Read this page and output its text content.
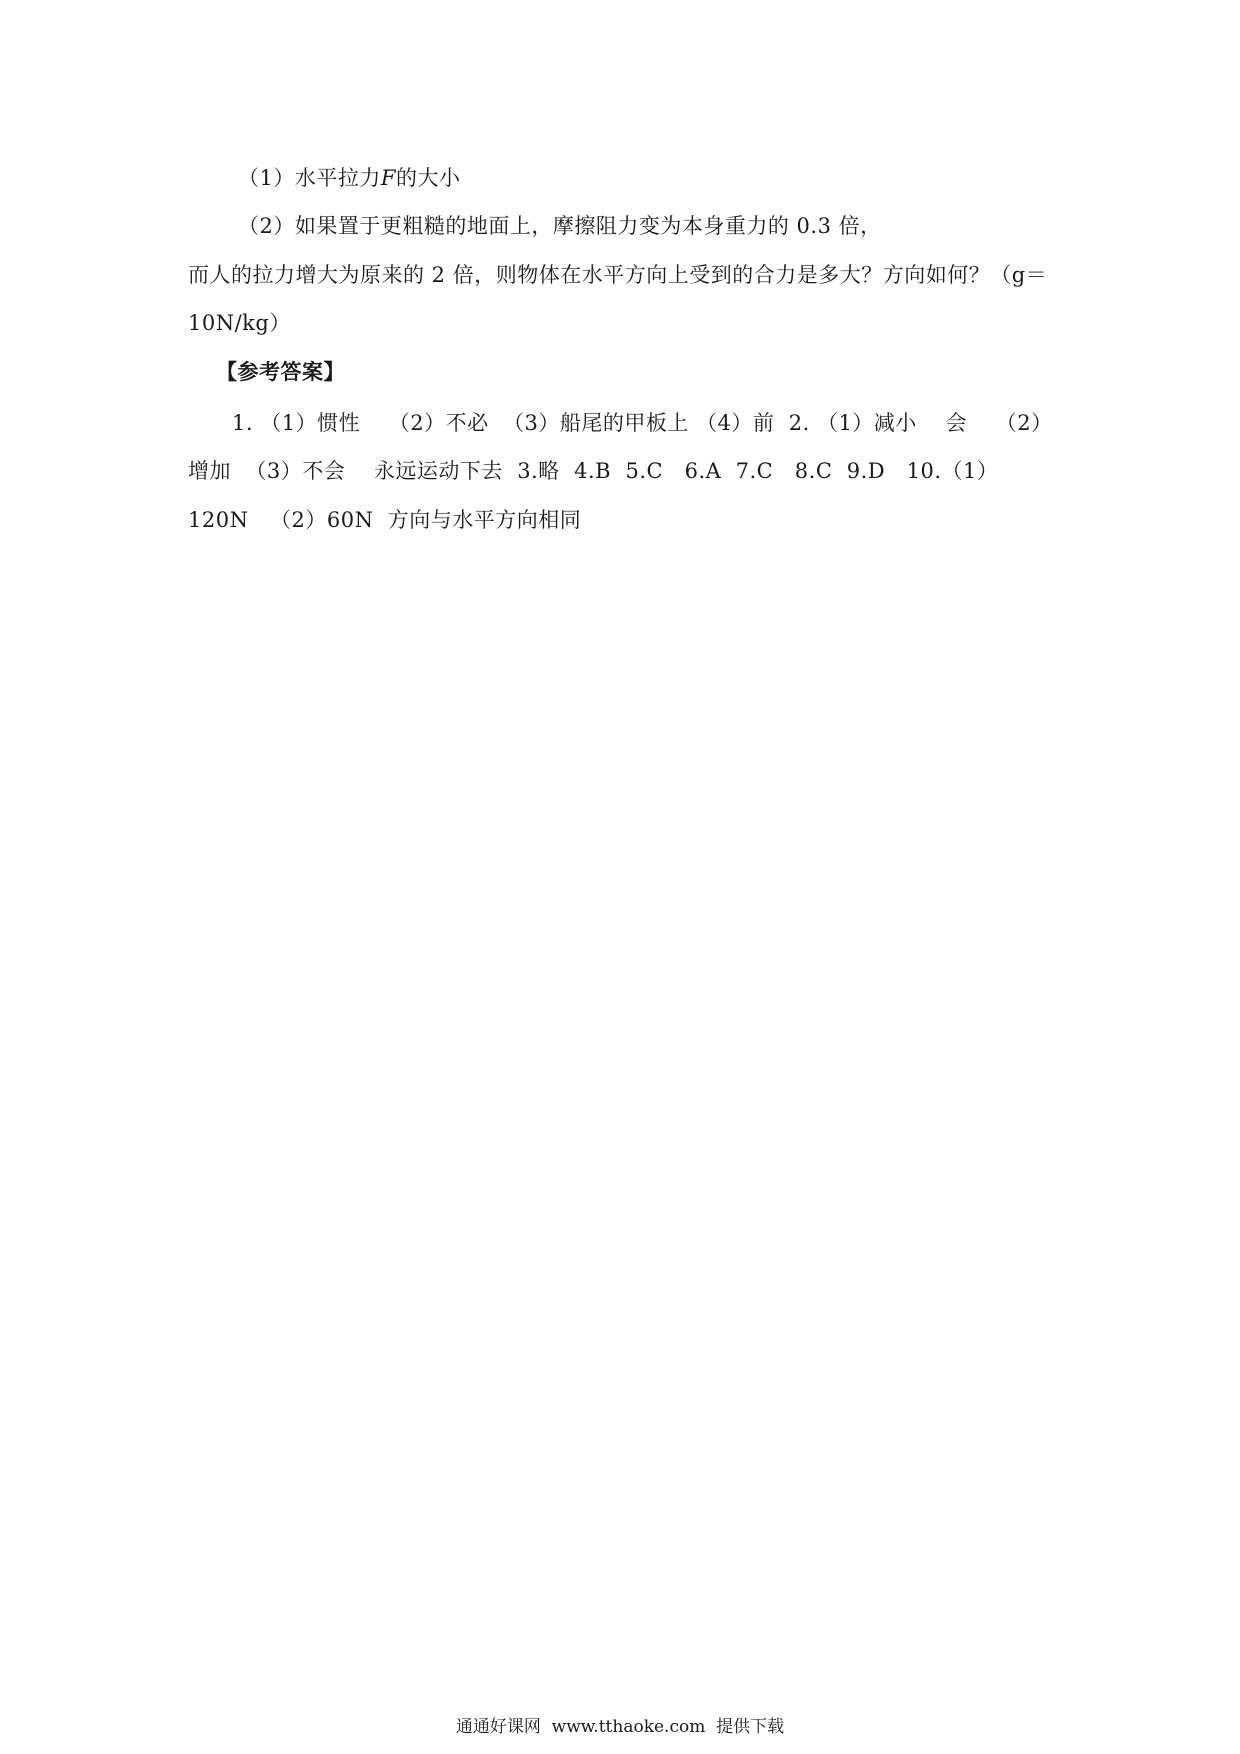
（1）水平拉力F的大小
（2）如果置于更粗糙的地面上，摩擦阻力变为本身重力的 0.3 倍，
而人的拉力增大为原来的 2 倍，则物体在水平方向上受到的合力是多大？方向如何？（g＝
10N/kg）
【参考答案】
1. （1）惯性    （2）不必  （3）船尾的甲板上 （4）前  2. （1）减小    会    （2）
增加  （3）不会    永远运动下去  3.略  4.B  5.C   6.A  7.C   8.C  9.D   10.（1）
120N   （2）60N  方向与水平方向相同
通通好课网  www.tthaoke.com  提供下载
